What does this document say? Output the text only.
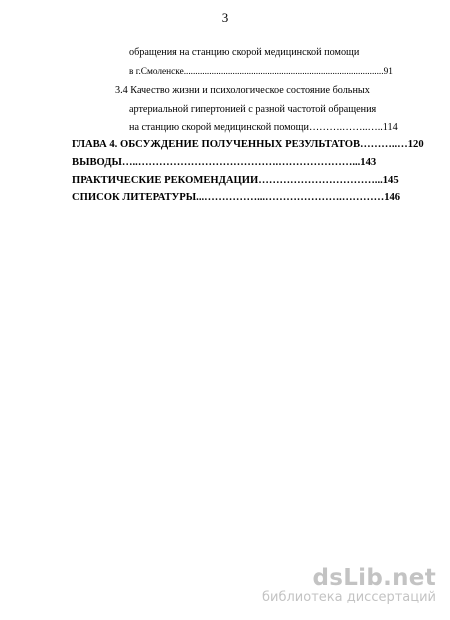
3
обращения на станцию скорой медицинской помощи
в г.Смоленске......................................................................................91
3.4 Качество жизни и психологическое состояние больных
артериальной гипертонией с разной частотой обращения
на станцию скорой медицинской помощи……….……..…..114
ГЛАВА 4. ОБСУЖДЕНИЕ ПОЛУЧЕННЫХ РЕЗУЛЬТАТОВ………..…120
ВЫВОДЫ…..………………………………….…………………...143
ПРАКТИЧЕСКИЕ РЕКОМЕНДАЦИИ……………………………...145
СПИСОК ЛИТЕРАТУРЫ...……………...………………….…………146
dsLib.net
библиотека диссертаций
